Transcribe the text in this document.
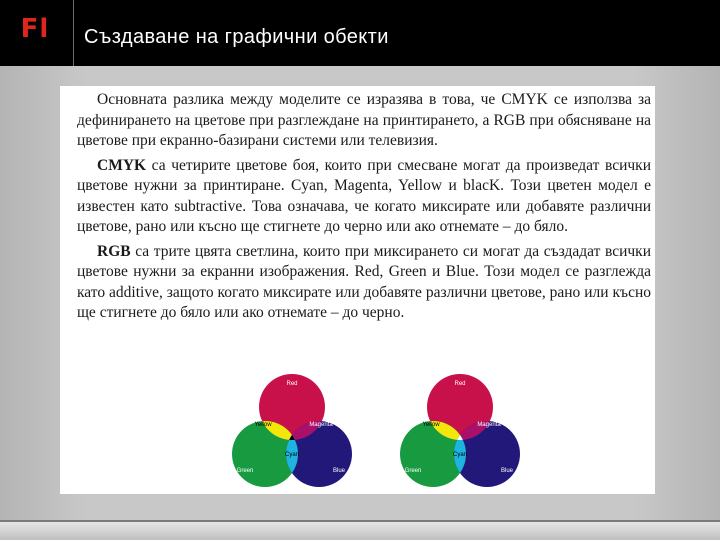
Fl Създаване на графични обекти

Основната разлика между моделите се изразява в това, че CMYK се използва за дефинирането на цветове при разглеждане на принтирането, а RGB при обясняване на цветове при екранно-базирани системи или телевизия.

CMYK са четирите цветове боя, които при смесване могат да произведат всички цветове нужни за принтиране. Cyan, Magenta, Yellow и blacK. Този цветен модел е известен като subtractive. Това означава, че когато миксирате или добавяте различни цветове, рано или късно ще стигнете до черно или ако отнемате – до бяло.

RGB са трите цвята светлина, които при миксирането си могат да създадат всички цветове нужни за екранни изображения. Red, Green и Blue. Този модел се разглежда като additive, защото когато миксирате или добавяте различни цветове, рано или късно ще стигнете до бяло или ако отнемате – до черно.

Red
Yellow	Magenta
Cyan
Green	Blue
Red
Yellow	Magenta
Cyan
Green	Blue
